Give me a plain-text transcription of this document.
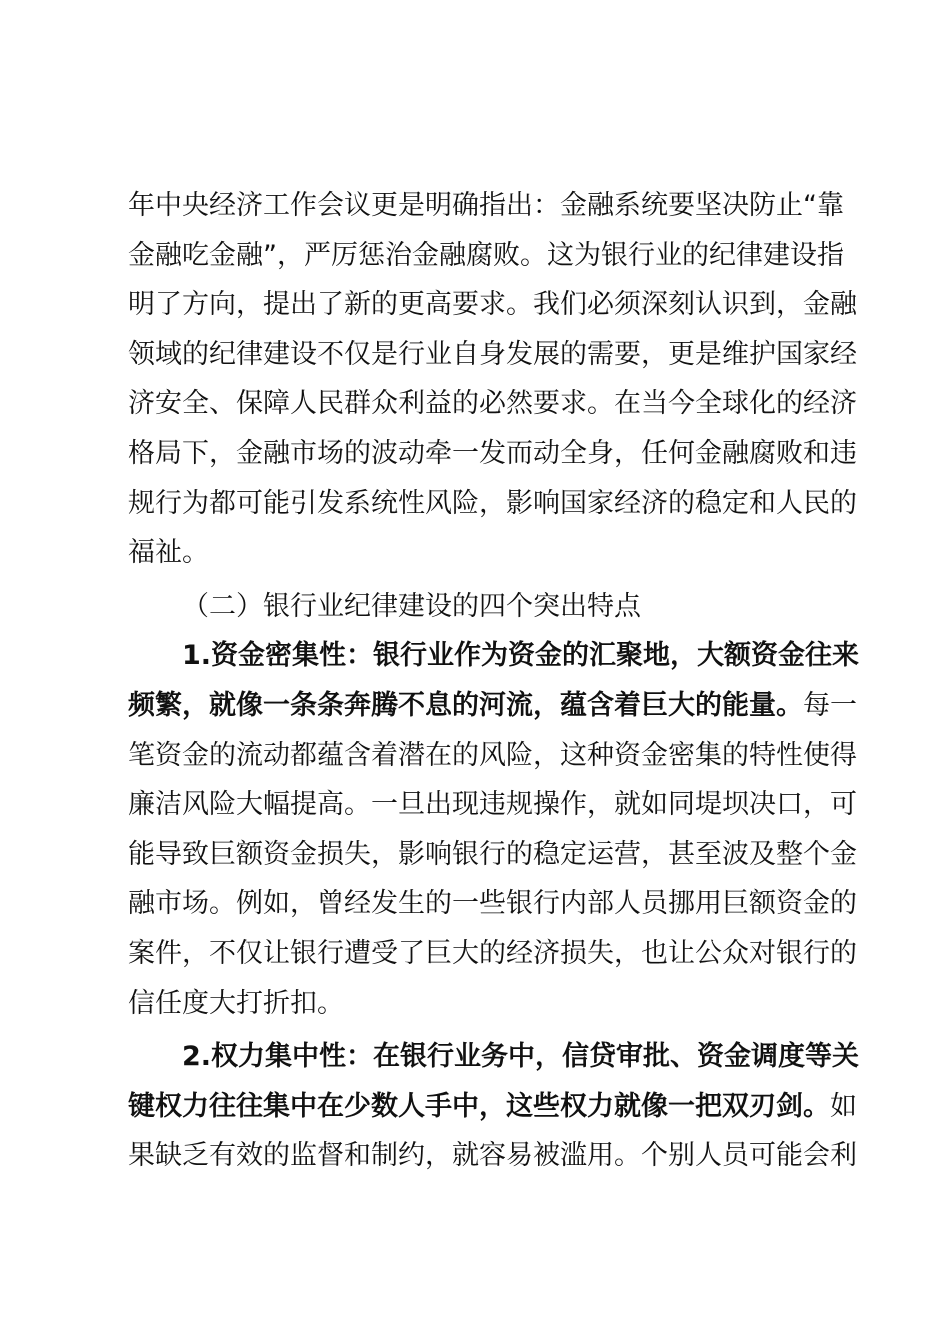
年中央经济工作会议更是明确指出：金融系统要坚决防止“靠
金融吃金融”，严厉惩治金融腐败。这为银行业的纪律建设指
明了方向，提出了新的更高要求。我们必须深刻认识到，金融
领域的纪律建设不仅是行业自身发展的需要，更是维护国家经
济安全、保障人民群众利益的必然要求。在当今全球化的经济
格局下，金融市场的波动牵一发而动全身，任何金融腐败和违
规行为都可能引发系统性风险，影响国家经济的稳定和人民的
福祉。
（二）银行业纪律建设的四个突出特点
1.资金密集性：银行业作为资金的汇聚地，大额资金往来
频繁，就像一条条奔腾不息的河流，蕴含着巨大的能量。每一
笔资金的流动都蕴含着潜在的风险，这种资金密集的特性使得
廉洁风险大幅提高。一旦出现违规操作，就如同堤坝决口，可
能导致巨额资金损失，影响银行的稳定运营，甚至波及整个金
融市场。例如，曾经发生的一些银行内部人员挪用巨额资金的
案件，不仅让银行遭受了巨大的经济损失，也让公众对银行的
信任度大打折扣。
2.权力集中性：在银行业务中，信贷审批、资金调度等关
键权力往往集中在少数人手中，这些权力就像一把双刃剑。如
果缺乏有效的监督和制约，就容易被滥用。个别人员可能会利
